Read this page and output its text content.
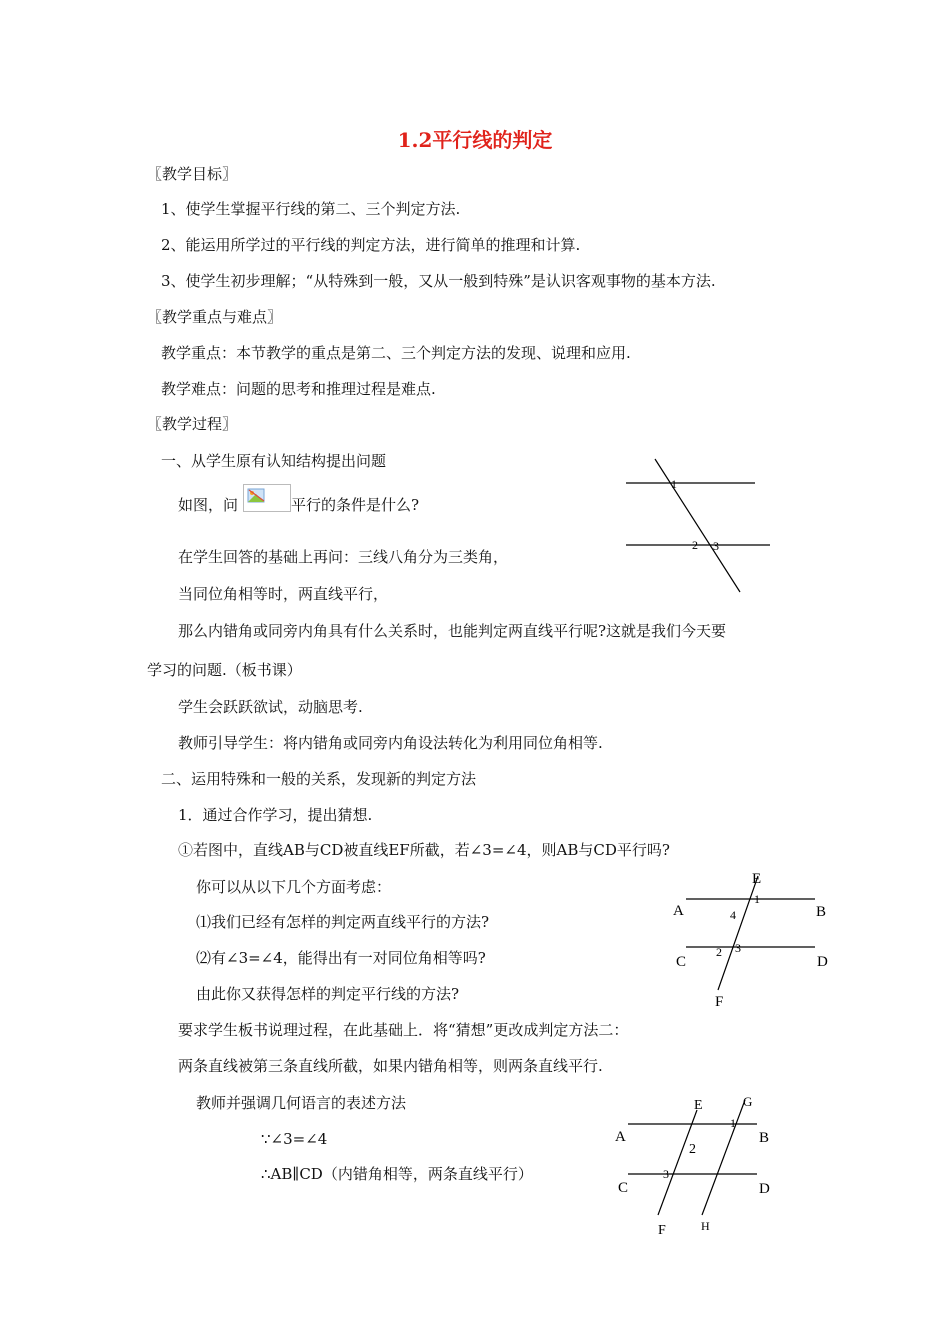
1.2平行线的判定
〖教学目标〗
1、使学生掌握平行线的第二、三个判定方法.
2、能运用所学过的平行线的判定方法，进行简单的推理和计算.
3、使学生初步理解；“从特殊到一般，又从一般到特殊”是认识客观事物的基本方法.
〖教学重点与难点〗
教学重点：本节教学的重点是第二、三个判定方法的发现、说理和应用.
教学难点：问题的思考和推理过程是难点.
〖教学过程〗
一、从学生原有认知结构提出问题
如图，问	平行的条件是什么?
在学生回答的基础上再问：三线八角分为三类角，
当同位角相等时，两直线平行，
那么内错角或同旁内角具有什么关系时，也能判定两直线平行呢?这就是我们今天要
学习的问题.（板书课）
学生会跃跃欲试，动脑思考.
教师引导学生：将内错角或同旁内角设法转化为利用同位角相等.
二、运用特殊和一般的关系，发现新的判定方法
1．通过合作学习，提出猜想.
①若图中，直线AB与CD被直线EF所截，若∠3=∠4，则AB与CD平行吗?
你可以从以下几个方面考虑：
⑴我们已经有怎样的判定两直线平行的方法?
⑵有∠3=∠4，能得出有一对同位角相等吗?
由此你又获得怎样的判定平行线的方法?
要求学生板书说理过程，在此基础上．将“猜想”更改成判定方法二：
两条直线被第三条直线所截，如果内错角相等，则两条直线平行.
教师并强调几何语言的表述方法
∵∠3=∠4
∴AB∥CD（内错角相等，两条直线平行）
1
2 3
A	B
C	D
E
F
1
4
2 3
A	B
C	D
E
F
G
H
1
2
3
